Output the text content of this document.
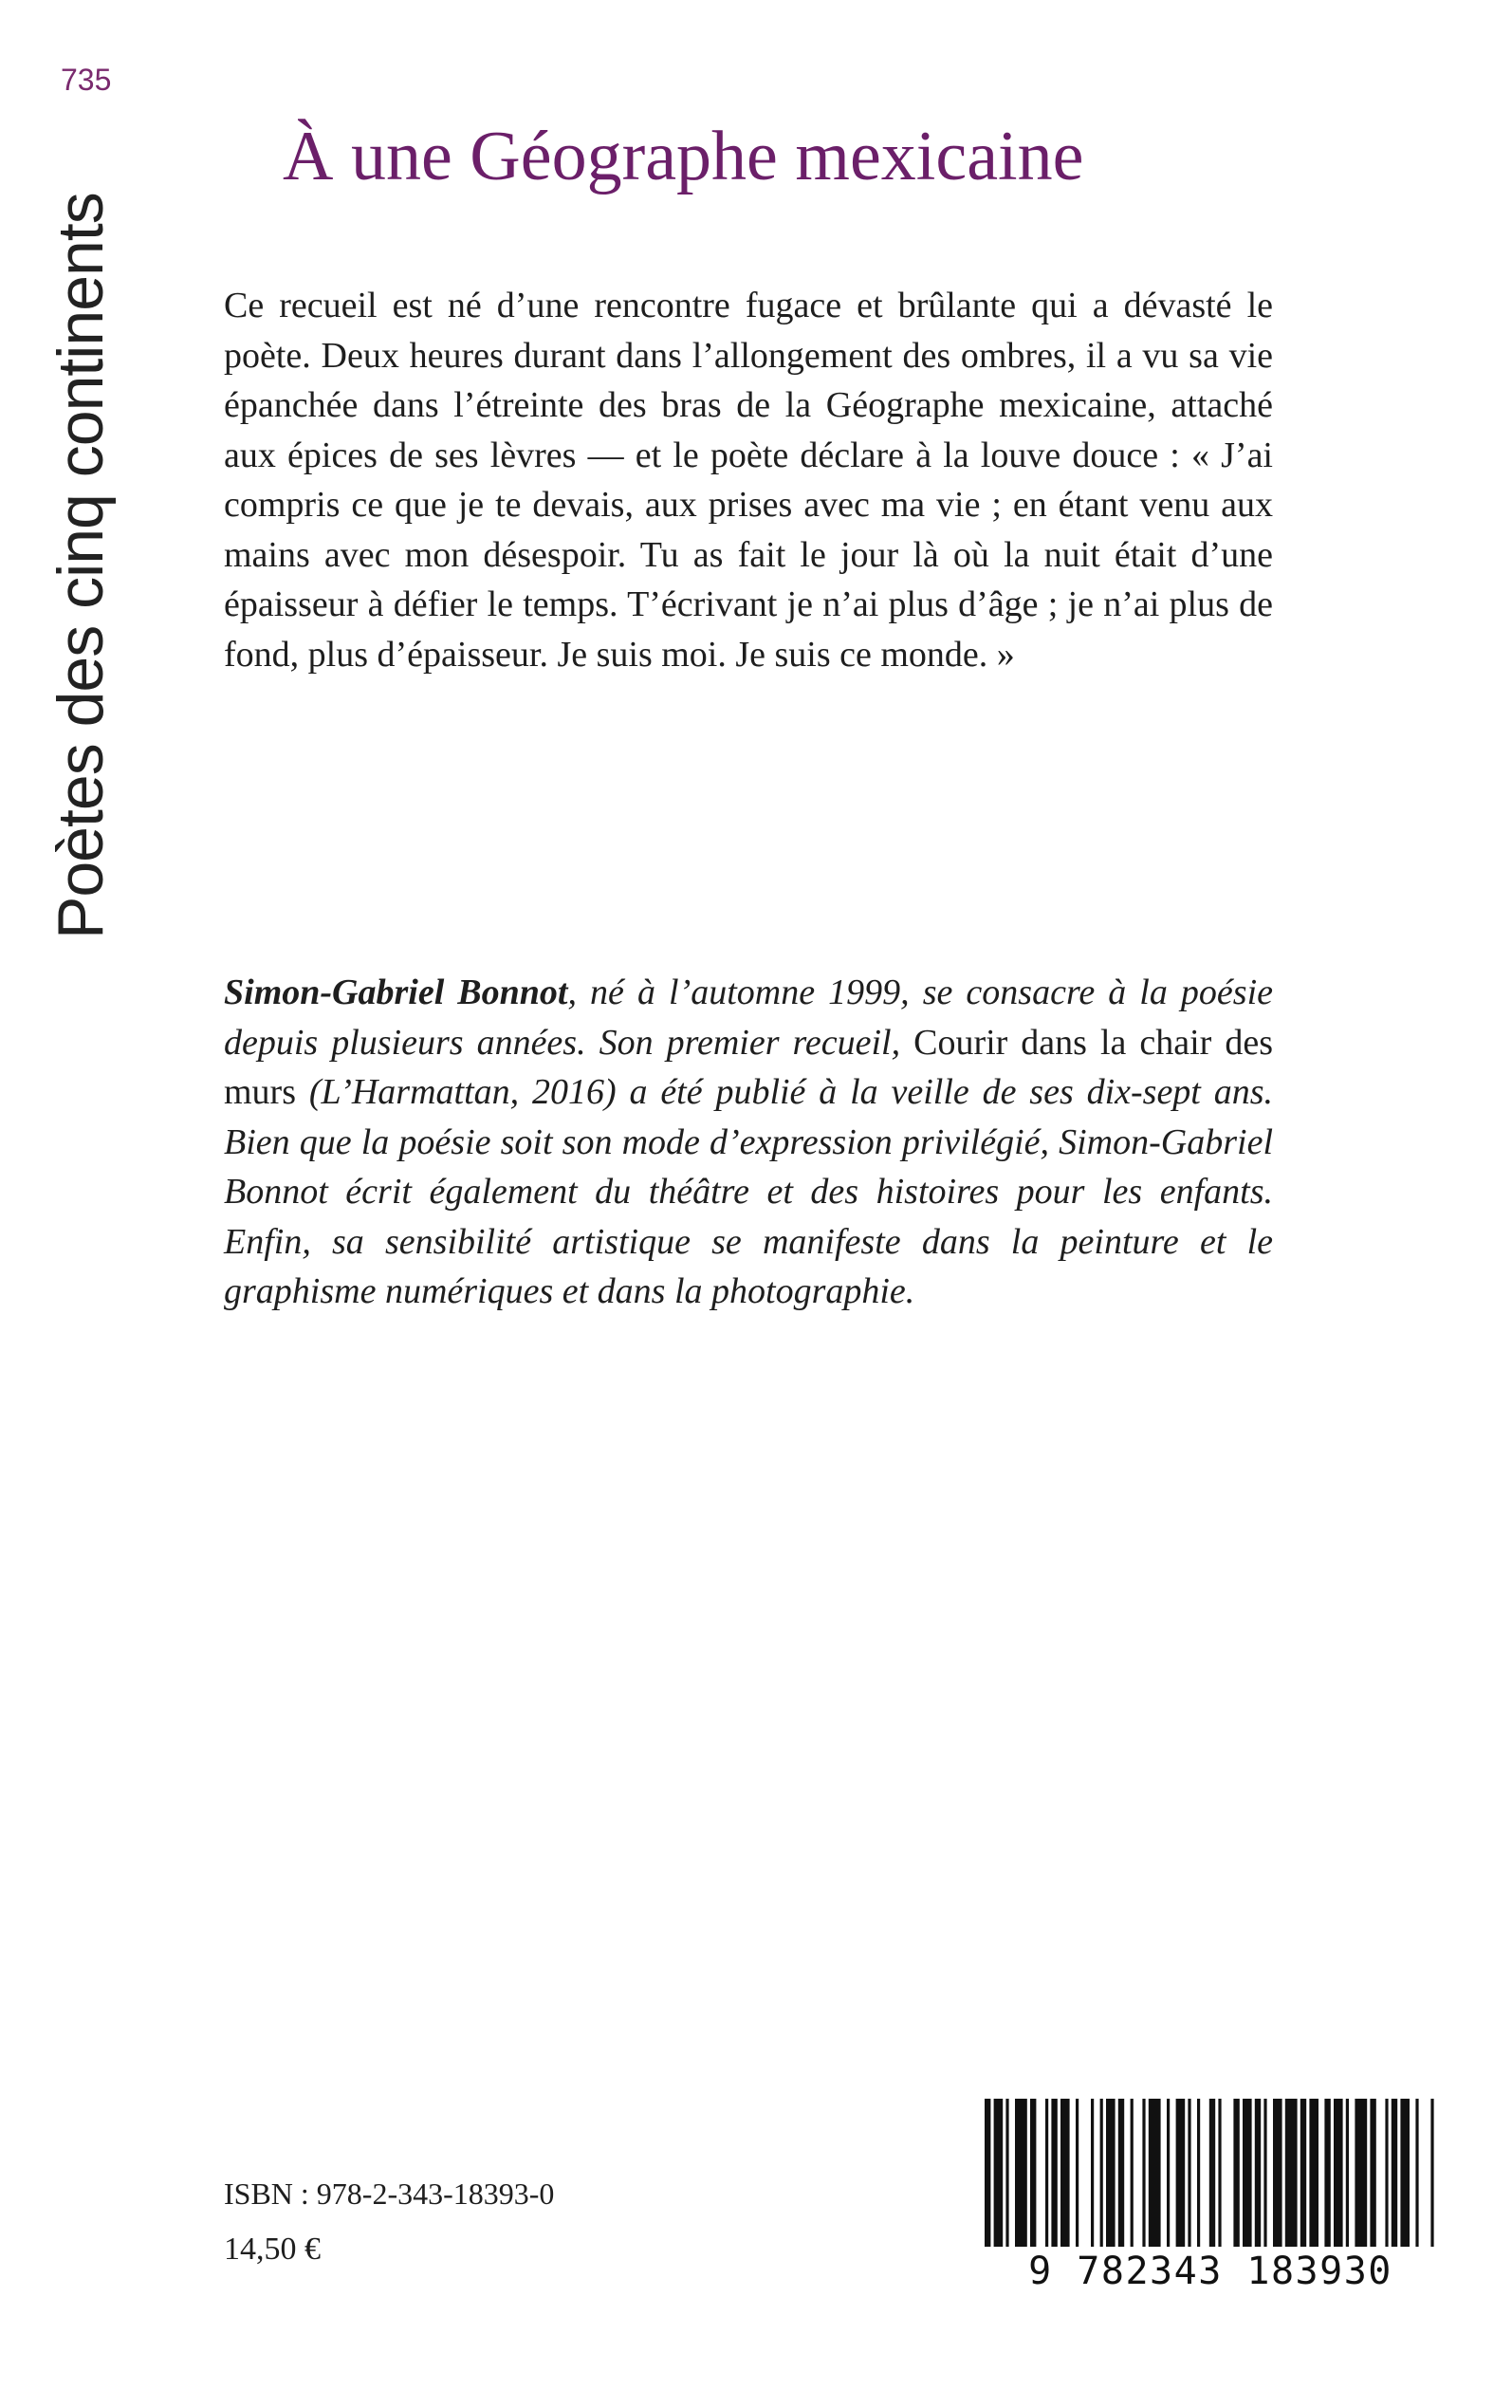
735
Poètes des cinq continents
À une Géographe mexicaine

Ce recueil est né d’une rencontre fugace et brûlante qui a dévasté le poète. Deux heures durant dans l’allongement des ombres, il a vu sa vie épanchée dans l’étreinte des bras de la Géographe mexicaine, attaché aux épices de ses lèvres — et le poète déclare à la louve douce : « J’ai compris ce que je te devais, aux prises avec ma vie ; en étant venu aux mains avec mon désespoir. Tu as fait le jour là où la nuit était d’une épaisseur à défier le temps. T’écrivant je n’ai plus d’âge ; je n’ai plus de fond, plus d’épaisseur. Je suis moi. Je suis ce monde. »

Simon-Gabriel Bonnot, né à l’automne 1999, se consacre à la poésie depuis plusieurs années. Son premier recueil, Courir dans la chair des murs (L’Harmattan, 2016) a été publié à la veille de ses dix-sept ans. Bien que la poésie soit son mode d’expression privilégié, Simon-Gabriel Bonnot écrit également du théâtre et des histoires pour les enfants. Enfin, sa sensibilité artistique se manifeste dans la peinture et le graphisme numériques et dans la photographie.

ISBN : 978-2-343-18393-0
14,50 €
9 782343 183930
